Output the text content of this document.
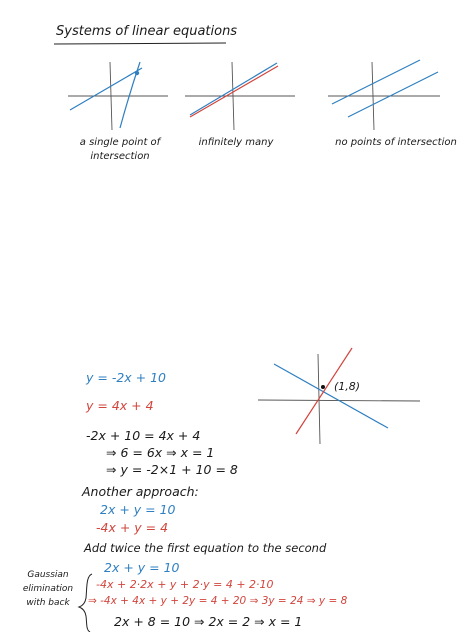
Systems of linear equations
a single point of intersection
infinitely many	no points of intersection
y = -2x + 10
y = 4x + 4
(1,8)
-2x + 10 = 4x + 4
⇒ 6 = 6x ⇒ x = 1
⇒ y = -2×1 + 10 = 8
Another approach:
2x + y = 10
-4x + y = 4
Add twice the first equation to the second
Gaussian elimination with back
2x + y = 10
-4x + 2·2x + y + 2·y = 4 + 2·10
⇒ -4x + 4x + y + 2y = 4 + 20 ⇒ 3y = 24 ⇒ y = 8
2x + 8 = 10 ⇒ 2x = 2 ⇒ x = 1
